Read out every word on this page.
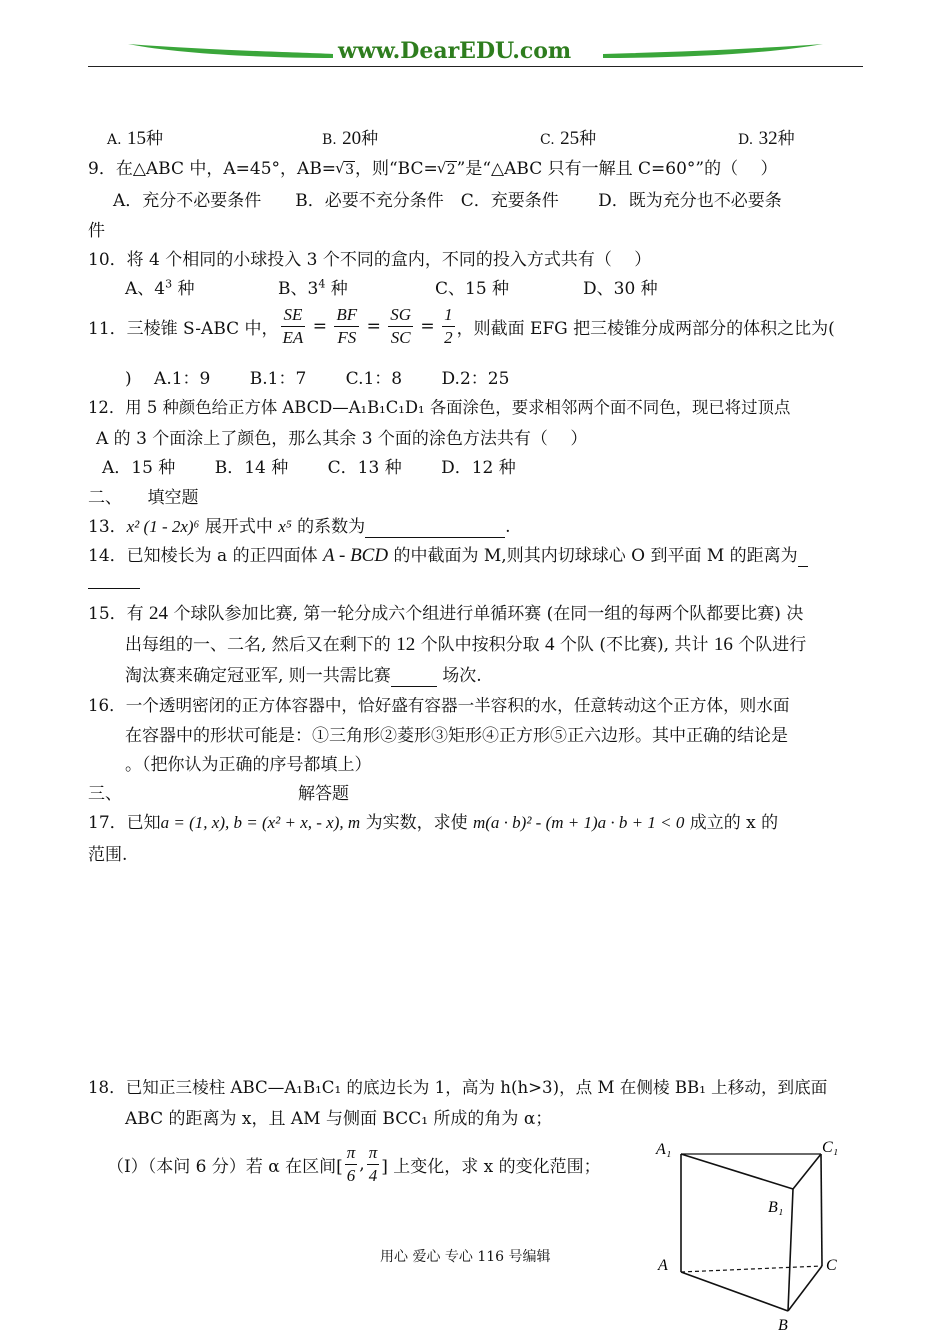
www.DearEDU.com
A. 15种	B. 20种	C. 25种	D. 32种
9．在△ABC 中，A=45°，AB= √ 3，则“BC= √ 2”是“△ABC 只有一解且 C=60°”的（　 ）
　A．充分不必要条件　　B．必要不充分条件　C．充要条件　　 D．既为充分也不必要条
件
10．将 4 个相同的小球投入 3 个不同的盒内，不同的投入方式共有（　 ）
A、$4^3$ 种	B、$3^4$ 种	C、15 种	D、30 种
11．三棱锥 S-ABC 中， $\frac{SE}{EA} = \frac{BF}{FS} = \frac{SG}{SC} = \frac{1}{2}$ ，则截面 EFG 把三棱锥分成两部分的体积之比为(
)　 A.1：9　　 B.1：7　　 C.1：8　　 D.2：25
12．用 5 种颜色给正方体 ABCD—A₁B₁C₁D₁ 各面涂色，要求相邻两个面不同色，现已将过顶点
A 的 3 个面涂上了颜色，那么其余 3 个面的涂色方法共有（　 ）
A．15 种　　 B．14 种　　 C．13 种　　 D．12 种
二、　　填空题
13．x² (1 - 2x)⁶ 展开式中 x⁵ 的系数为	.
14．已知棱长为 a 的正四面体 A - BCD 的中截面为 M,则其内切球球心 O 到平面 M 的距离为
15．有 24 个球队参加比赛, 第一轮分成六个组进行单循环赛 (在同一组的每两个队都要比赛) 决
出每组的一、二名, 然后又在剩下的 12 个队中按积分取 4 个队 (不比赛), 共计 16 个队进行
淘汰赛来确定冠亚军, 则一共需比赛	场次.
16．一个透明密闭的正方体容器中，恰好盛有容器一半容积的水，任意转动这个正方体，则水面
在容器中的形状可能是：①三角形②菱形③矩形④正方形⑤正六边形。其中正确的结论是
。（把你认为正确的序号都填上）
三、	解答题
17．已知a = (1, x), b = (x² + x, - x), m 为实数，求使 m(a · b)² - (m + 1)a · b + 1 < 0 成立的 x 的
范围.
18．已知正三棱柱 ABC—A₁B₁C₁ 的底边长为 1，高为 h(h>3)，点 M 在侧棱 BB₁ 上移动，到底面
ABC 的距离为 x，且 AM 与侧面 BCC₁ 所成的角为 α；
（Ⅰ）（本问 6 分）若 α 在区间[ $\frac{\pi}{6}$ , $\frac{\pi}{4}$ ] 上变化，求 x 的变化范围；
A₁	C₁
B₁
A	C
B
用心 爱心 专心 116 号编辑
